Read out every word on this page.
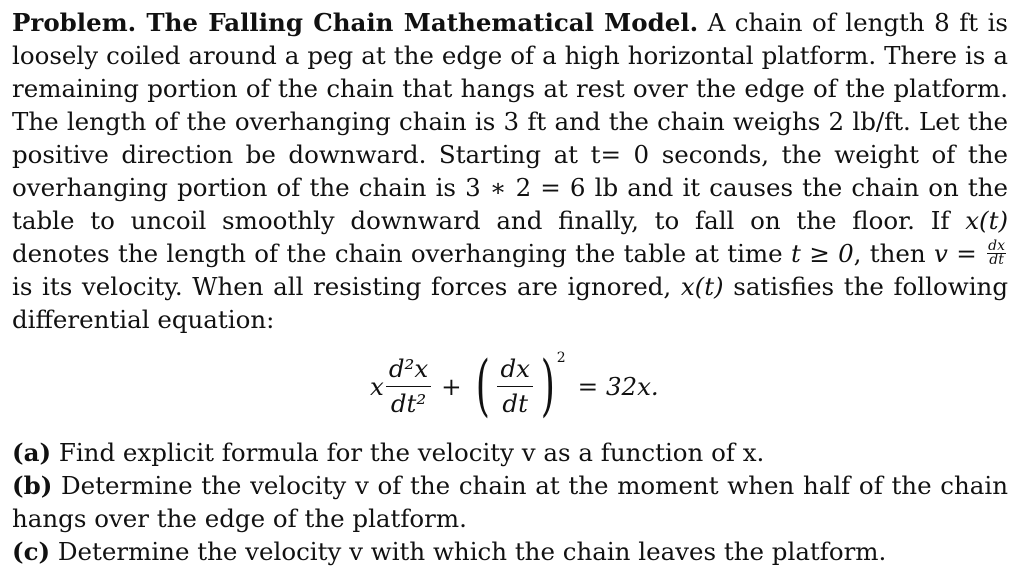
Problem. The Falling Chain Mathematical Model. A chain of length 8 ft is loosely coiled around a peg at the edge of a high horizontal platform. There is a remaining portion of the chain that hangs at rest over the edge of the platform. The length of the overhanging chain is 3 ft and the chain weighs 2 lb/ft. Let the positive direction be downward. Starting at t= 0 seconds, the weight of the overhanging portion of the chain is 3 ∗ 2 = 6 lb and it causes the chain on the table to uncoil smoothly downward and finally, to fall on the floor. If x(t) denotes the length of the chain overhanging the table at time t ≥ 0, then $v = \frac{dx}{dt}$
is its velocity. When all resisting forces are ignored, x(t) satisfies the following differential equation:

x $\frac{\text{d²x}}{\text{dt²}}$ + ( $\frac{dx}{dt}$ ) 2
= 32x.

(a) Find explicit formula for the velocity v as a function of x.

(b) Determine the velocity v of the chain at the moment when half of the chain hangs over the edge of the platform.

(c) Determine the velocity v with which the chain leaves the platform.
